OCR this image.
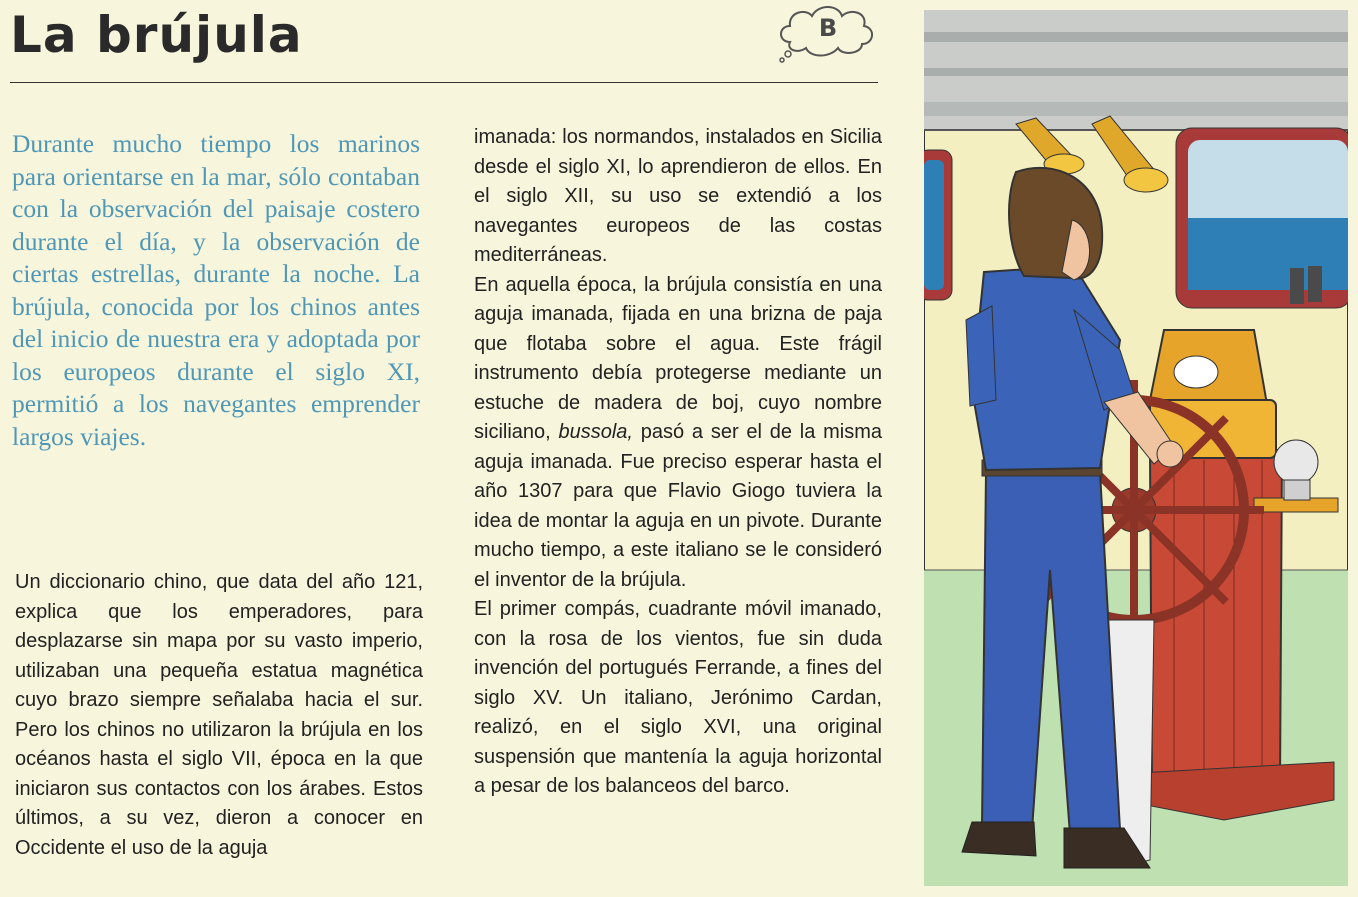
La brújula	B

Durante mucho tiempo los marinos para orientarse en la mar, sólo contaban con la observación del paisaje costero durante el día, y la observación de ciertas estrellas, durante la noche. La brújula, conocida por los chinos antes del inicio de nuestra era y adoptada por los europeos durante el siglo XI, permitió a los navegantes emprender largos viajes.

Un diccionario chino, que data del año 121, explica que los emperadores, para desplazarse sin mapa por su vasto imperio, utilizaban una pequeña estatua magnética cuyo brazo siempre señalaba hacia el sur. Pero los chinos no utilizaron la brújula en los océanos hasta el siglo VII, época en la que iniciaron sus contactos con los árabes. Estos últimos, a su vez, dieron a conocer en Occidente el uso de la aguja

imanada: los normandos, instalados en Sicilia desde el siglo XI, lo aprendieron de ellos. En el siglo XII, su uso se extendió a los navegantes europeos de las costas mediterráneas.

En aquella época, la brújula consistía en una aguja imanada, fijada en una brizna de paja que flotaba sobre el agua. Este frágil instrumento debía protegerse mediante un estuche de madera de boj, cuyo nombre siciliano, bussola, pasó a ser el de la misma aguja imanada. Fue preciso esperar hasta el año 1307 para que Flavio Giogo tuviera la idea de montar la aguja en un pivote. Durante mucho tiempo, a este italiano se le consideró el inventor de la brújula.

El primer compás, cuadrante móvil imanado, con la rosa de los vientos, fue sin duda invención del portugués Ferrande, a fines del siglo XV. Un italiano, Jerónimo Cardan, realizó, en el siglo XVI, una original suspensión que mantenía la aguja horizontal a pesar de los balanceos del barco.
